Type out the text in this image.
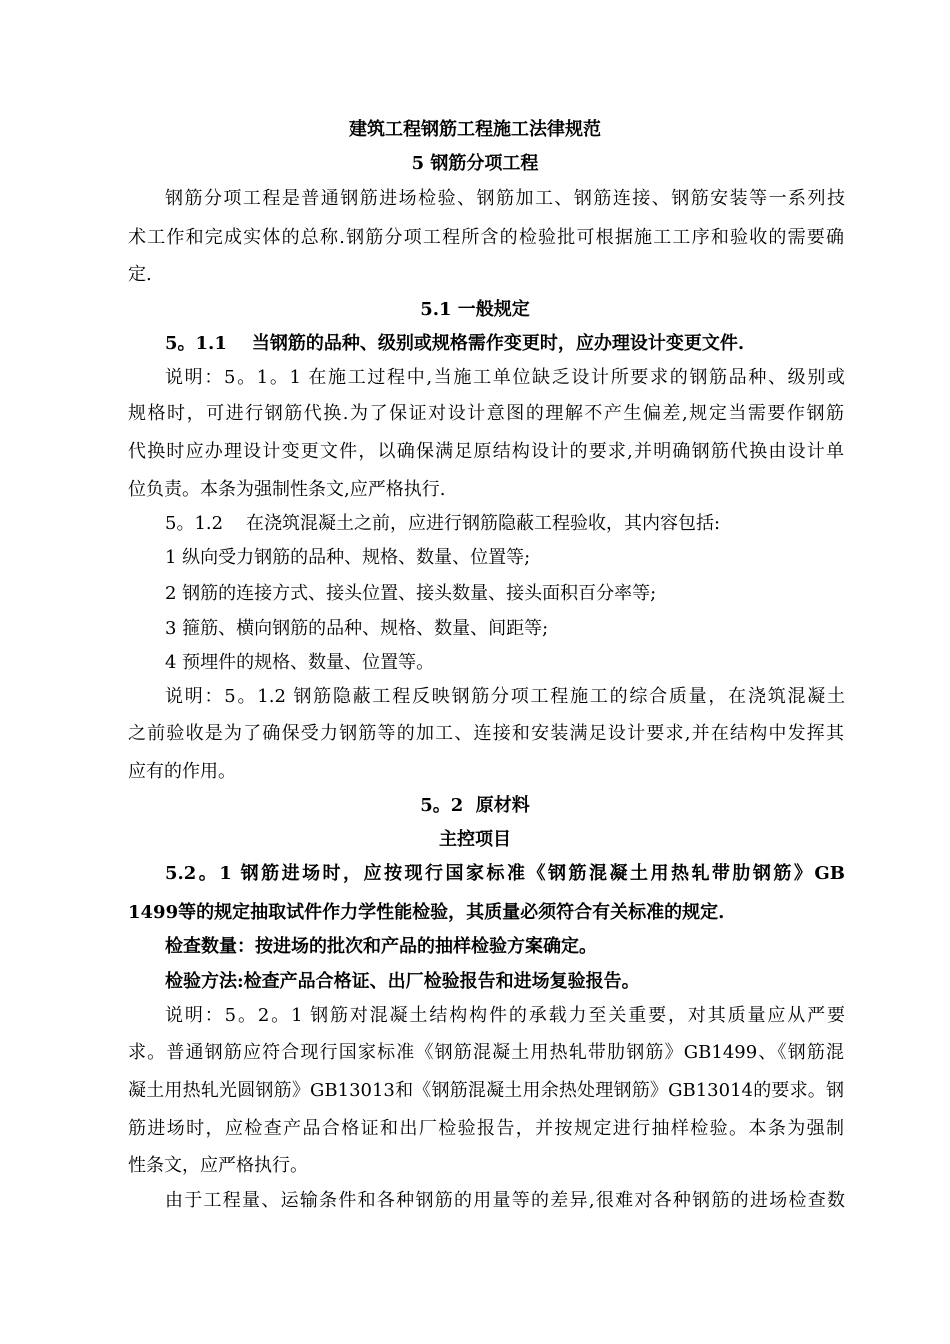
建筑工程钢筋工程施工法律规范
5 钢筋分项工程
钢筋分项工程是普通钢筋进场检验、钢筋加工、钢筋连接、钢筋安装等一系列技
术工作和完成实体的总称.钢筋分项工程所含的检验批可根据施工工序和验收的需要确
定.
5.1 一般规定
5。1.1    当钢筋的品种、级别或规格需作变更时，应办理设计变更文件.
说明：5。1。1 在施工过程中,当施工单位缺乏设计所要求的钢筋品种、级别或
规格时，可进行钢筋代换.为了保证对设计意图的理解不产生偏差,规定当需要作钢筋
代换时应办理设计变更文件，以确保满足原结构设计的要求,并明确钢筋代换由设计单
位负责。本条为强制性条文,应严格执行.
5。1.2    在浇筑混凝土之前，应进行钢筋隐蔽工程验收，其内容包括:
1 纵向受力钢筋的品种、规格、数量、位置等;
2 钢筋的连接方式、接头位置、接头数量、接头面积百分率等;
3 箍筋、横向钢筋的品种、规格、数量、间距等;
4 预埋件的规格、数量、位置等。
说明：5。1.2 钢筋隐蔽工程反映钢筋分项工程施工的综合质量，在浇筑混凝土
之前验收是为了确保受力钢筋等的加工、连接和安装满足设计要求,并在结构中发挥其
应有的作用。
5。2  原材料
主控项目
5.2。1 钢筋进场时，应按现行国家标准《钢筋混凝土用热轧带肋钢筋》GB
1499等的规定抽取试件作力学性能检验，其质量必须符合有关标准的规定.
检查数量：按进场的批次和产品的抽样检验方案确定。
检验方法:检查产品合格证、出厂检验报告和进场复验报告。
说明：5。2。1 钢筋对混凝土结构构件的承载力至关重要，对其质量应从严要
求。普通钢筋应符合现行国家标准《钢筋混凝土用热轧带肋钢筋》GB1499、《钢筋混
凝土用热轧光圆钢筋》GB13013和《钢筋混凝土用余热处理钢筋》GB13014的要求。钢
筋进场时，应检查产品合格证和出厂检验报告，并按规定进行抽样检验。本条为强制
性条文，应严格执行。
由于工程量、运输条件和各种钢筋的用量等的差异,很难对各种钢筋的进场检查数
